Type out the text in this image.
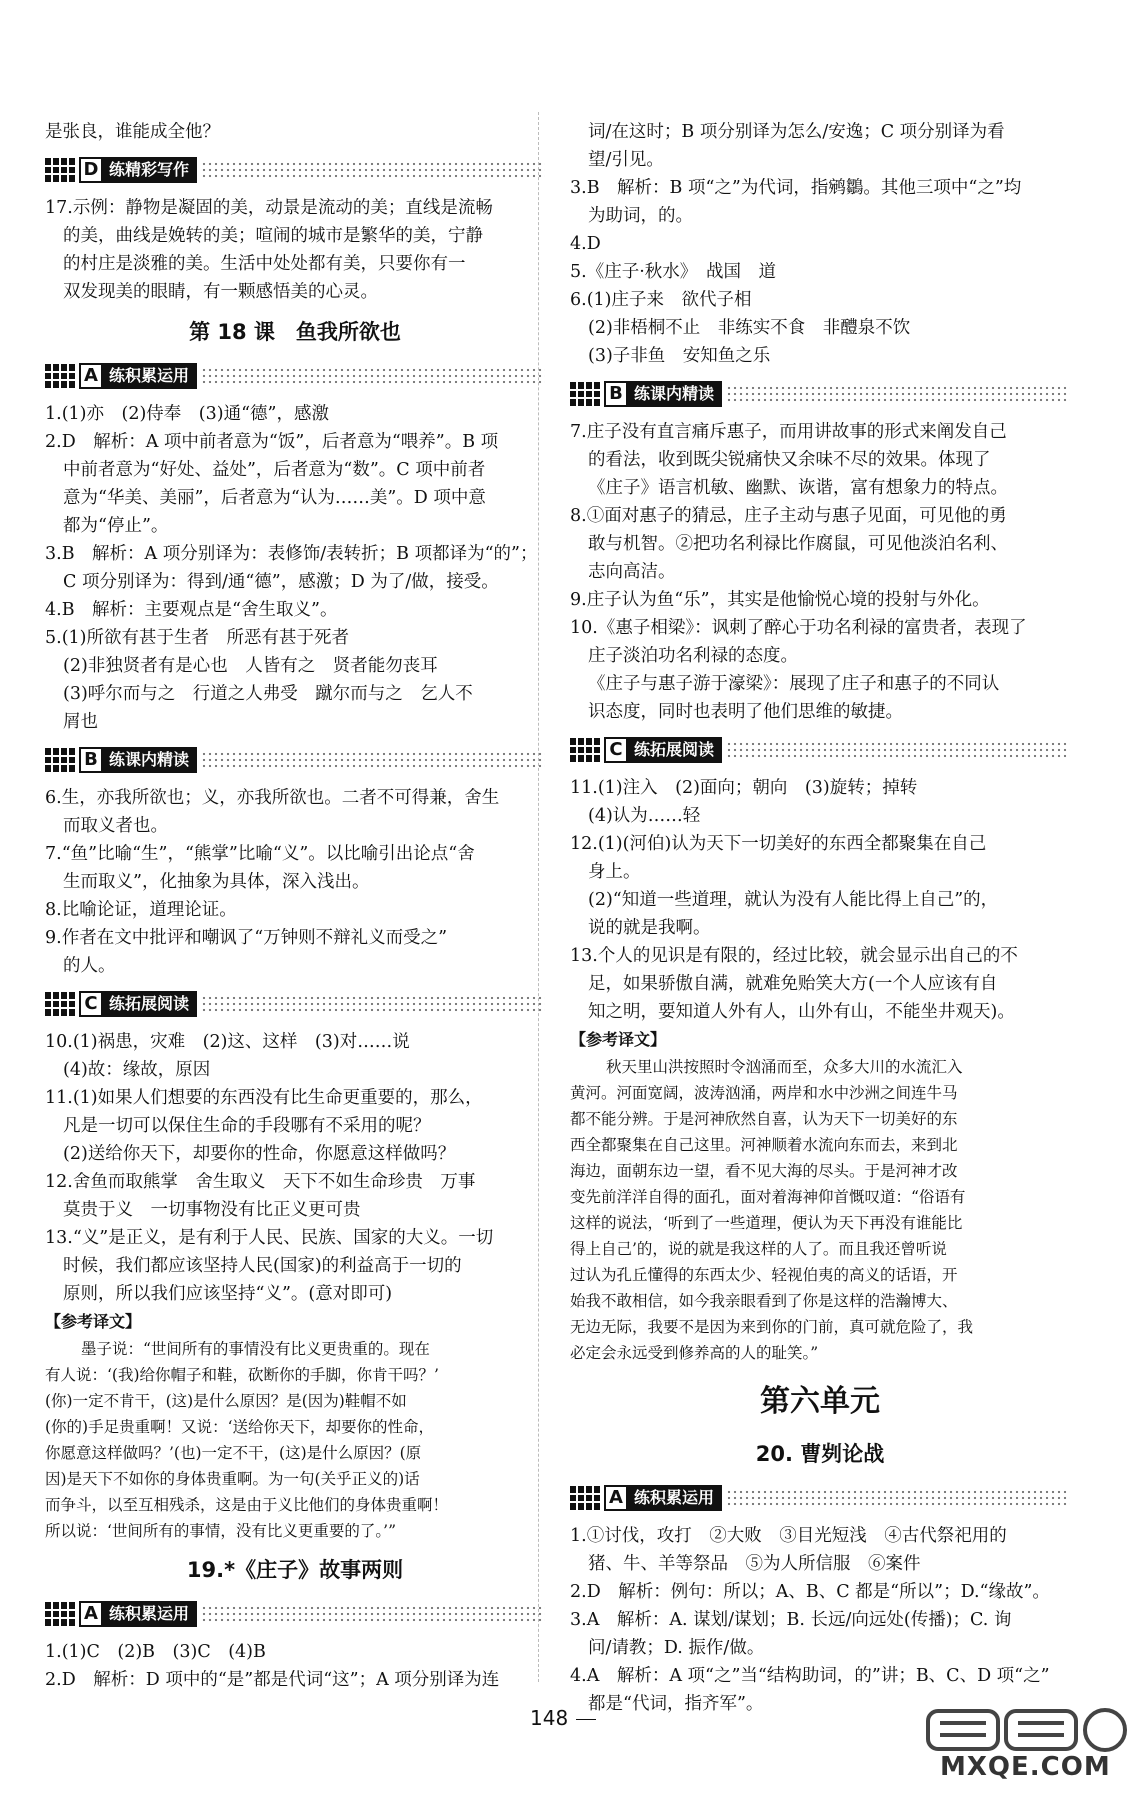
是张良，谁能成全他？
D 练精彩写作
17.示例：静物是凝固的美，动景是流动的美；直线是流畅
的美，曲线是娩转的美；喧闹的城市是繁华的美，宁静
的村庄是淡雅的美。生活中处处都有美，只要你有一
双发现美的眼睛，有一颗感悟美的心灵。
第 18 课　鱼我所欲也
A 练积累运用
1.(1)亦　(2)侍奉　(3)通“德”，感激
2.D　解析：A 项中前者意为“饭”，后者意为“喂养”。B 项
中前者意为“好处、益处”，后者意为“数”。C 项中前者
意为“华美、美丽”，后者意为“认为……美”。D 项中意
都为“停止”。
3.B　解析：A 项分别译为：表修饰/表转折；B 项都译为“的”；
C 项分别译为：得到/通“德”，感激；D 为了/做，接受。
4.B　解析：主要观点是“舍生取义”。
5.(1)所欲有甚于生者　所恶有甚于死者
(2)非独贤者有是心也　人皆有之　贤者能勿丧耳
(3)呼尔而与之　行道之人弗受　蹴尔而与之　乞人不
屑也
B 练课内精读
6.生，亦我所欲也；义，亦我所欲也。二者不可得兼，舍生
而取义者也。
7.“鱼”比喻“生”，“熊掌”比喻“义”。以比喻引出论点“舍
生而取义”，化抽象为具体，深入浅出。
8.比喻论证，道理论证。
9.作者在文中批评和嘲讽了“万钟则不辩礼义而受之”
的人。
C 练拓展阅读
10.(1)祸患，灾难　(2)这、这样　(3)对……说
(4)故：缘故，原因
11.(1)如果人们想要的东西没有比生命更重要的，那么，
凡是一切可以保住生命的手段哪有不采用的呢？
(2)送给你天下，却要你的性命，你愿意这样做吗？
12.舍鱼而取熊掌　舍生取义　天下不如生命珍贵　万事
莫贵于义　一切事物没有比正义更可贵
13.“义”是正义，是有利于人民、民族、国家的大义。一切
时候，我们都应该坚持人民(国家)的利益高于一切的
原则，所以我们应该坚持“义”。(意对即可)
【参考译文】
墨子说：“世间所有的事情没有比义更贵重的。现在
有人说：‘(我)给你帽子和鞋，砍断你的手脚，你肯干吗？’
(你)一定不肯干，(这)是什么原因？是(因为)鞋帽不如
(你的)手足贵重啊！又说：‘送给你天下，却要你的性命，
你愿意这样做吗？’(也)一定不干，(这)是什么原因？(原
因)是天下不如你的身体贵重啊。为一句(关乎正义的)话
而争斗，以至互相残杀，这是由于义比他们的身体贵重啊！
所以说：‘世间所有的事情，没有比义更重要的了。’”
19.*《庄子》故事两则
A 练积累运用
1.(1)C　(2)B　(3)C　(4)B
2.D　解析：D 项中的“是”都是代词“这”；A 项分别译为连
词/在这时；B 项分别译为怎么/安逸；C 项分别译为看
望/引见。
3.B　解析：B 项“之”为代词，指鹓鶵。其他三项中“之”均
为助词，的。
4.D
5.《庄子·秋水》　战国　道
6.(1)庄子来　欲代子相
(2)非梧桐不止　非练实不食　非醴泉不饮
(3)子非鱼　安知鱼之乐
B 练课内精读
7.庄子没有直言痛斥惠子，而用讲故事的形式来阐发自己
的看法，收到既尖锐痛快又余味不尽的效果。体现了
《庄子》语言机敏、幽默、诙谐，富有想象力的特点。
8.①面对惠子的猜忌，庄子主动与惠子见面，可见他的勇
敢与机智。②把功名利禄比作腐鼠，可见他淡泊名利、
志向高洁。
9.庄子认为鱼“乐”，其实是他愉悦心境的投射与外化。
10.《惠子相梁》：讽刺了醉心于功名利禄的富贵者，表现了
庄子淡泊功名利禄的态度。
《庄子与惠子游于濠梁》：展现了庄子和惠子的不同认
识态度，同时也表明了他们思维的敏捷。
C 练拓展阅读
11.(1)注入　(2)面向；朝向　(3)旋转；掉转
(4)认为……轻
12.(1)(河伯)认为天下一切美好的东西全都聚集在自己
身上。
(2)“知道一些道理，就认为没有人能比得上自己”的，
说的就是我啊。
13.个人的见识是有限的，经过比较，就会显示出自己的不
足，如果骄傲自满，就难免贻笑大方(一个人应该有自
知之明，要知道人外有人，山外有山，不能坐井观天)。
【参考译文】
秋天里山洪按照时令汹涌而至，众多大川的水流汇入
黄河。河面宽阔，波涛汹涌，两岸和水中沙洲之间连牛马
都不能分辨。于是河神欣然自喜，认为天下一切美好的东
西全都聚集在自己这里。河神顺着水流向东而去，来到北
海边，面朝东边一望，看不见大海的尽头。于是河神才改
变先前洋洋自得的面孔，面对着海神仰首慨叹道：“俗语有
这样的说法，‘听到了一些道理，便认为天下再没有谁能比
得上自己’的，说的就是我这样的人了。而且我还曾听说
过认为孔丘懂得的东西太少、轻视伯夷的高义的话语，开
始我不敢相信，如今我亲眼看到了你是这样的浩瀚博大、
无边无际，我要不是因为来到你的门前，真可就危险了，我
必定会永远受到修养高的人的耻笑。”
第六单元
20. 曹刿论战
A 练积累运用
1.①讨伐，攻打　②大败　③目光短浅　④古代祭祀用的
猪、牛、羊等祭品　⑤为人所信服　⑥案件
2.D　解析：例句：所以；A、B、C 都是“所以”；D.“缘故”。
3.A　解析：A. 谋划/谋划；B. 长远/向远处(传播)；C. 询
问/请教；D. 振作/做。
4.A　解析：A 项“之”当“结构助词，的”讲；B、C、D 项“之”
都是“代词，指齐军”。
148
MXQE.COM
